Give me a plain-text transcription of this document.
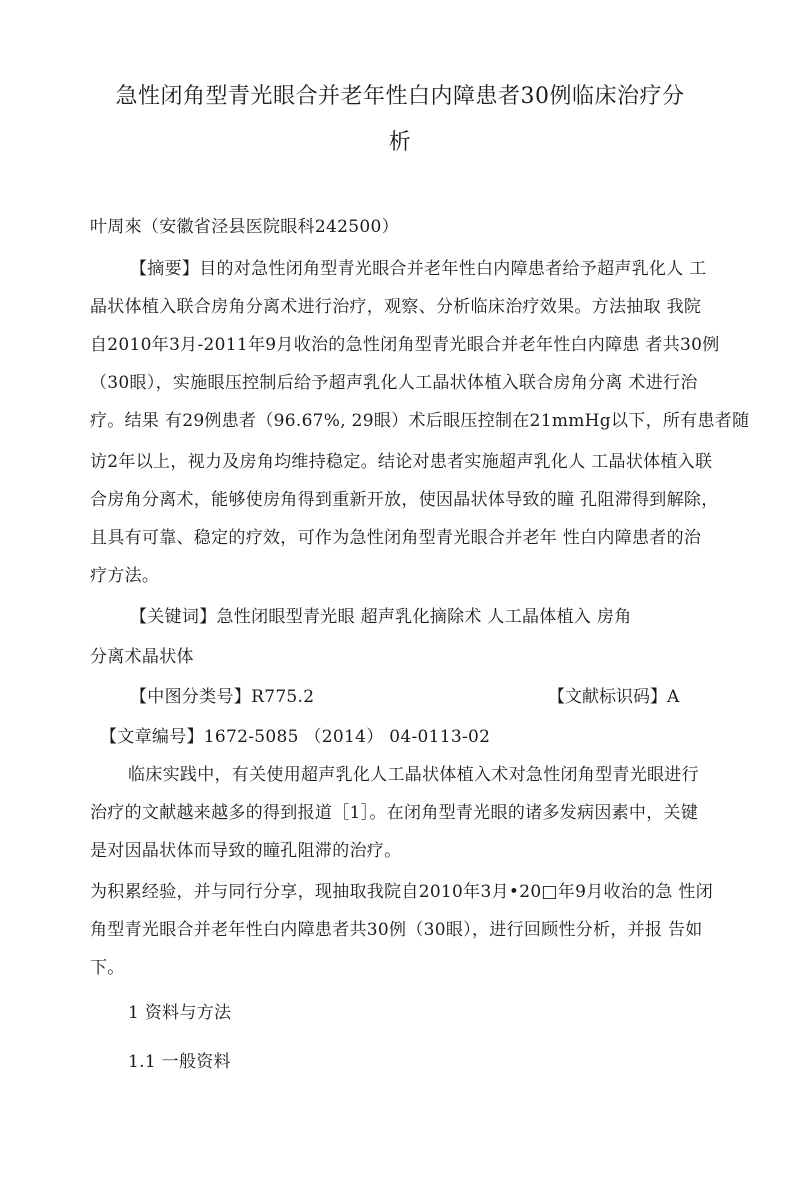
急性闭角型青光眼合并老年性白内障患者30例临床治疗分
析
叶周來（安徽省泾县医院眼科242500）
【摘要】目的对急性闭角型青光眼合并老年性白内障患者给予超声乳化人 工
晶状体植入联合房角分离术进行治疗，观察、分析临床治疗效果。方法抽取 我院
自2010年3月-2011年9月收治的急性闭角型青光眼合并老年性白内障患 者共30例
（30眼），实施眼压控制后给予超声乳化人工晶状体植入联合房角分离 术进行治
疗。结果 有29例患者（96.67%, 29眼）术后眼压控制在21mmHg以下，所有患者随
访2年以上，视力及房角均维持稳定。结论对患者实施超声乳化人 工晶状体植入联
合房角分离术，能够使房角得到重新开放，使因晶状体导致的瞳 孔阻滞得到解除，
且具有可靠、稳定的疗效，可作为急性闭角型青光眼合并老年 性白内障患者的治
疗方法。
【关键词】急性闭眼型青光眼 超声乳化摘除术 人工晶体植入 房角
分离术晶状体
【中图分类号】R775.2	【文献标识码】A
【文章编号】1672-5085 （2014） 04-0113-02
临床实践中，有关使用超声乳化人工晶状体植入术对急性闭角型青光眼进行
治疗的文献越来越多的得到报道［1］。在闭角型青光眼的诸多发病因素中，关键
是对因晶状体而导致的瞳孔阻滞的治疗。
为积累经验，并与同行分享，现抽取我院自2010年3月•20□年9月收治的急 性闭
角型青光眼合并老年性白内障患者共30例（30眼），进行回顾性分析，并报 告如
下。
1 资料与方法
1.1 一般资料
